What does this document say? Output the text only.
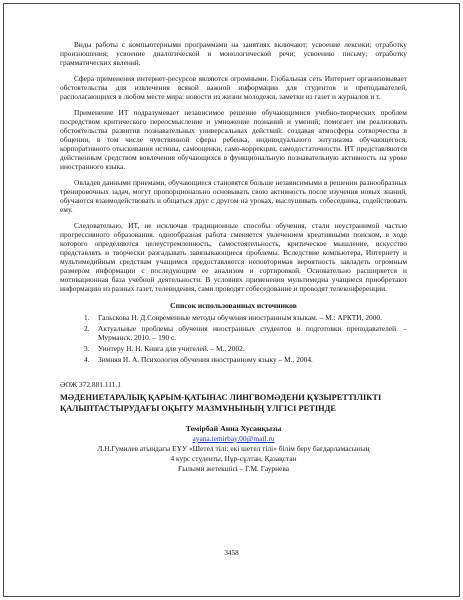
Виды работы с компьютерными программами на занятиях включают: усвоение лексики; отработку произношения; усвоение диалогической и монологической речи; усвоению письму; отработку грамматических явлений.

Сфера применения интернет-ресурсов являются огромными. Глобальная сеть Интернет организовывает обстоятельства для извлечения всякой важной информации для студентов и преподавателей, располагающихся в любом месте мира: новости из жизни молодежи, заметки из газет и журналов и т.

Применение ИТ подразумевает независимое решение обучающимися учебно-творческих проблем посредством критического переосмысление и умножение познаний и умений; помогает им реализовать обстоятельства развития познавательных универсальных действий: создавая атмосферы сотворчества в общении, в том числе чувственной сферы ребенка, индивидуального энтузиазма обучающегося, корпоративного отыскивания истины, самооценки, само-коррекции, самодостаточности. ИТ представляются действенным средством вовлечения обучающихся в функциональную познавательную активность на уроке иностранного языка.

Овладев данными приемами, обучающиеся становятся больше независимыми в решении разнообразных тренировочных задач, могут пропорционально основывать свою активность после изучения новых знаний, обучаются взаимодействовать и общаться друг с другом на уроках, выслушивать собеседника, содействовать ему.

Следовательно, ИТ, не исключая традиционные способы обучения, стали неустранимой частью прогрессивного образования. однообразная работа сменяется увлечением креативными поиском, в ходе которого определяются целеустремленность, самостоятельность, критическое мышление, искусство представлять и творчески разгадывать завязывающиеся проблемы. Вследствие компьютера, Интернету и мультимедийным средствам учащимся предоставляется неповторимая вероятность завладеть огромным размером информации с последующим ее анализом и сортировкой. Основательно расширяется и мотивационная база учебной деятельности. В условиях применения мультимедиа учащиеся приобретают информацию из разных газет, телевидения, сами проводят собеседование и проводят телеконференции.

Список использованных источников
1. Гальскова Н. Д.Современные методы обучения иностранным языкам. – М.: АРКТИ, 2000.
2. Актуальные проблемы обучения иностранных студентов и подготовки преподавателей. – Мурманск, 2010. – 190 с.
3. Уинтеру Н. Н. Книга для учителей. – М., 2002.
4. Зимняя И. А. Психология обучения иностранному языку – М., 2004.
ӘОЖ 372.881.111.1
МӘДЕНИЕТАРАЛЫҚ ҚАРЫМ-ҚАТЫНАС ЛИНГВОМӘДЕНИ ҚҰЗЫРЕТТІЛІКТІ ҚАЛЫПТАСТЫРУДАҒЫ ОҚЫТУ МАЗМҰНЫНЫҢ ҮЛГІСІ РЕТІНДЕ
Темірбай Анна Хусанқызы
ayana.temirbay.00@mail.ru
Л.Н.Гумилев атындағы ЕҰУ «Шетел тілі: екі шетел тілі» білім беру бағдарламасының
4 курс студенты, Нұр-сұлтан, Қазақстан
Ғылыми жетекшісі – Г.М. Гаурнева
3458
